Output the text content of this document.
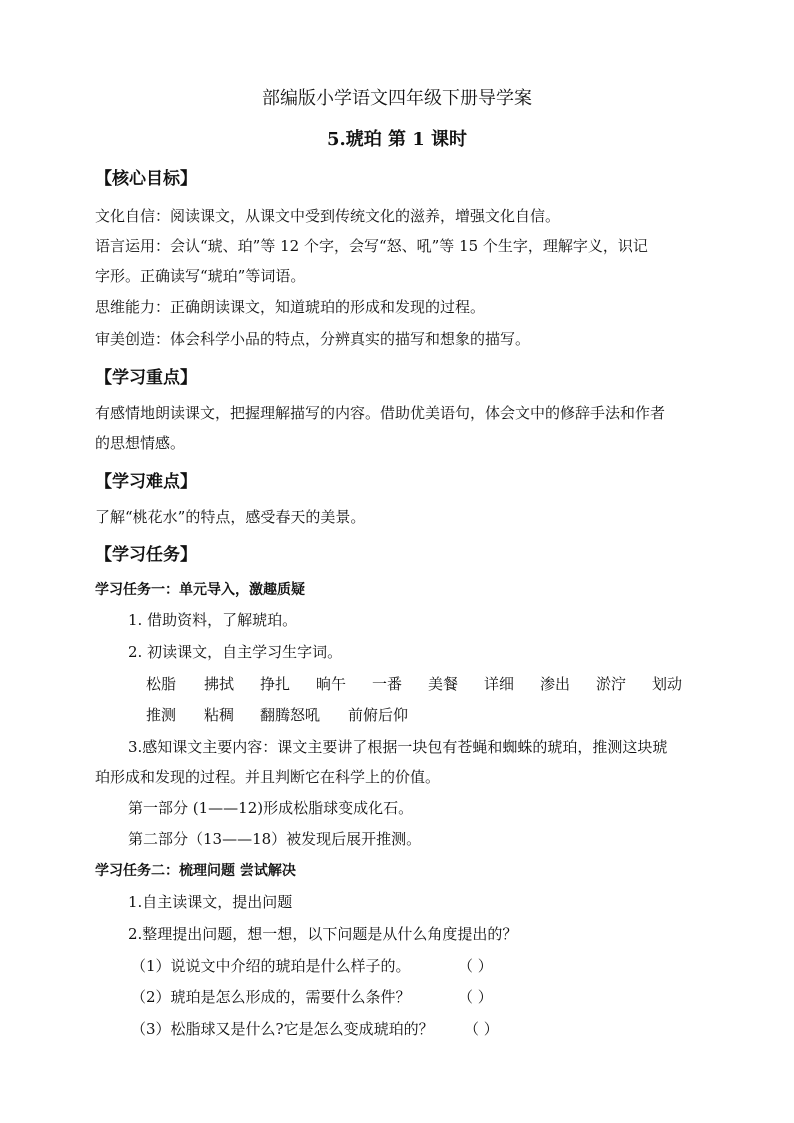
部编版小学语文四年级下册导学案
5.琥珀 第 1 课时
【核心目标】
文化自信：阅读课文，从课文中受到传统文化的滋养，增强文化自信。
语言运用：会认“琥、珀”等 12 个字，会写“怒、吼”等 15 个生字，理解字义，识记
字形。正确读写“琥珀”等词语。
思维能力：正确朗读课文，知道琥珀的形成和发现的过程。
审美创造：体会科学小品的特点，分辨真实的描写和想象的描写。
【学习重点】
有感情地朗读课文，把握理解描写的内容。借助优美语句，体会文中的修辞手法和作者
的思想情感。
【学习难点】
了解“桃花水”的特点，感受春天的美景。
【学习任务】
学习任务一：单元导入，激趣质疑
1. 借助资料，了解琥珀。
2. 初读课文，自主学习生字词。
松脂 拂拭 挣扎 晌午 一番 美餐 详细 渗出 淤泞 划动
推测 粘稠 翻腾怒吼 前俯后仰
3.感知课文主要内容：课文主要讲了根据一块包有苍蝇和蜘蛛的琥珀，推测这块琥
珀形成和发现的过程。并且判断它在科学上的价值。
第一部分 (1——12)形成松脂球变成化石。
第二部分（13——18）被发现后展开推测。
学习任务二：梳理问题 尝试解决
1.自主读课文，提出问题
2.整理提出问题，想一想，以下问题是从什么角度提出的？
（1）说说文中介绍的琥珀是什么样子的。	（ ）
（2）琥珀是怎么形成的，需要什么条件？	（ ）
（3）松脂球又是什么?它是怎么变成琥珀的？ （ ）
